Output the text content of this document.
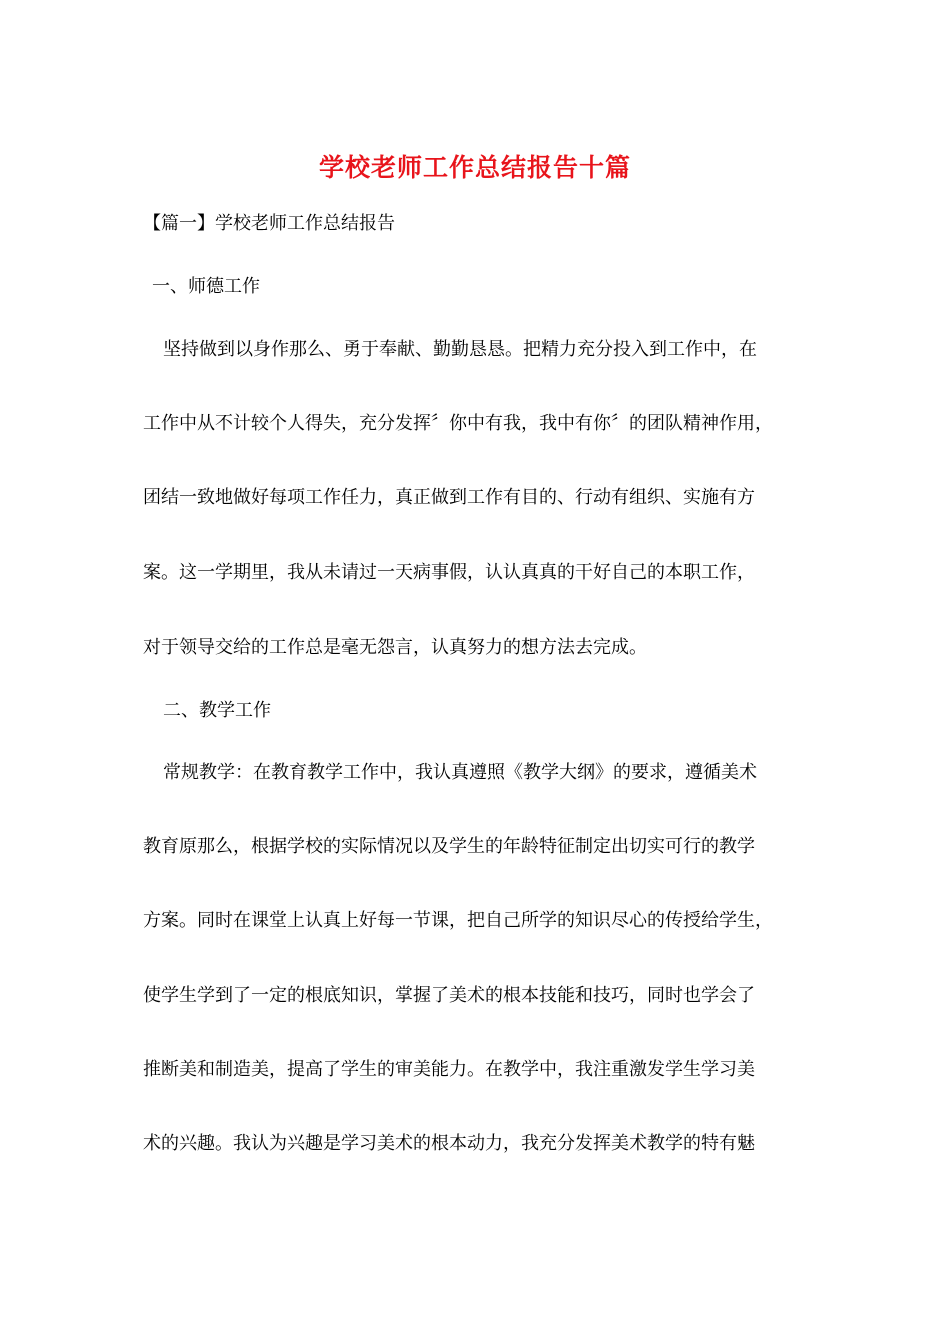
学校老师工作总结报告十篇
【篇一】学校老师工作总结报告
一、师德工作
坚持做到以身作那么、勇于奉献、勤勤恳恳。把精力充分投入到工作中，在
工作中从不计较个人得失，充分发挥〞你中有我，我中有你〞的团队精神作用，
团结一致地做好每项工作任力，真正做到工作有目的、行动有组织、实施有方
案。这一学期里，我从未请过一天病事假，认认真真的干好自己的本职工作，
对于领导交给的工作总是毫无怨言，认真努力的想方法去完成。
二、教学工作
常规教学：在教育教学工作中，我认真遵照《教学大纲》的要求，遵循美术
教育原那么，根据学校的实际情况以及学生的年龄特征制定出切实可行的教学
方案。同时在课堂上认真上好每一节课，把自己所学的知识尽心的传授给学生，
使学生学到了一定的根底知识，掌握了美术的根本技能和技巧，同时也学会了
推断美和制造美，提高了学生的审美能力。在教学中，我注重激发学生学习美
术的兴趣。我认为兴趣是学习美术的根本动力，我充分发挥美术教学的特有魅
